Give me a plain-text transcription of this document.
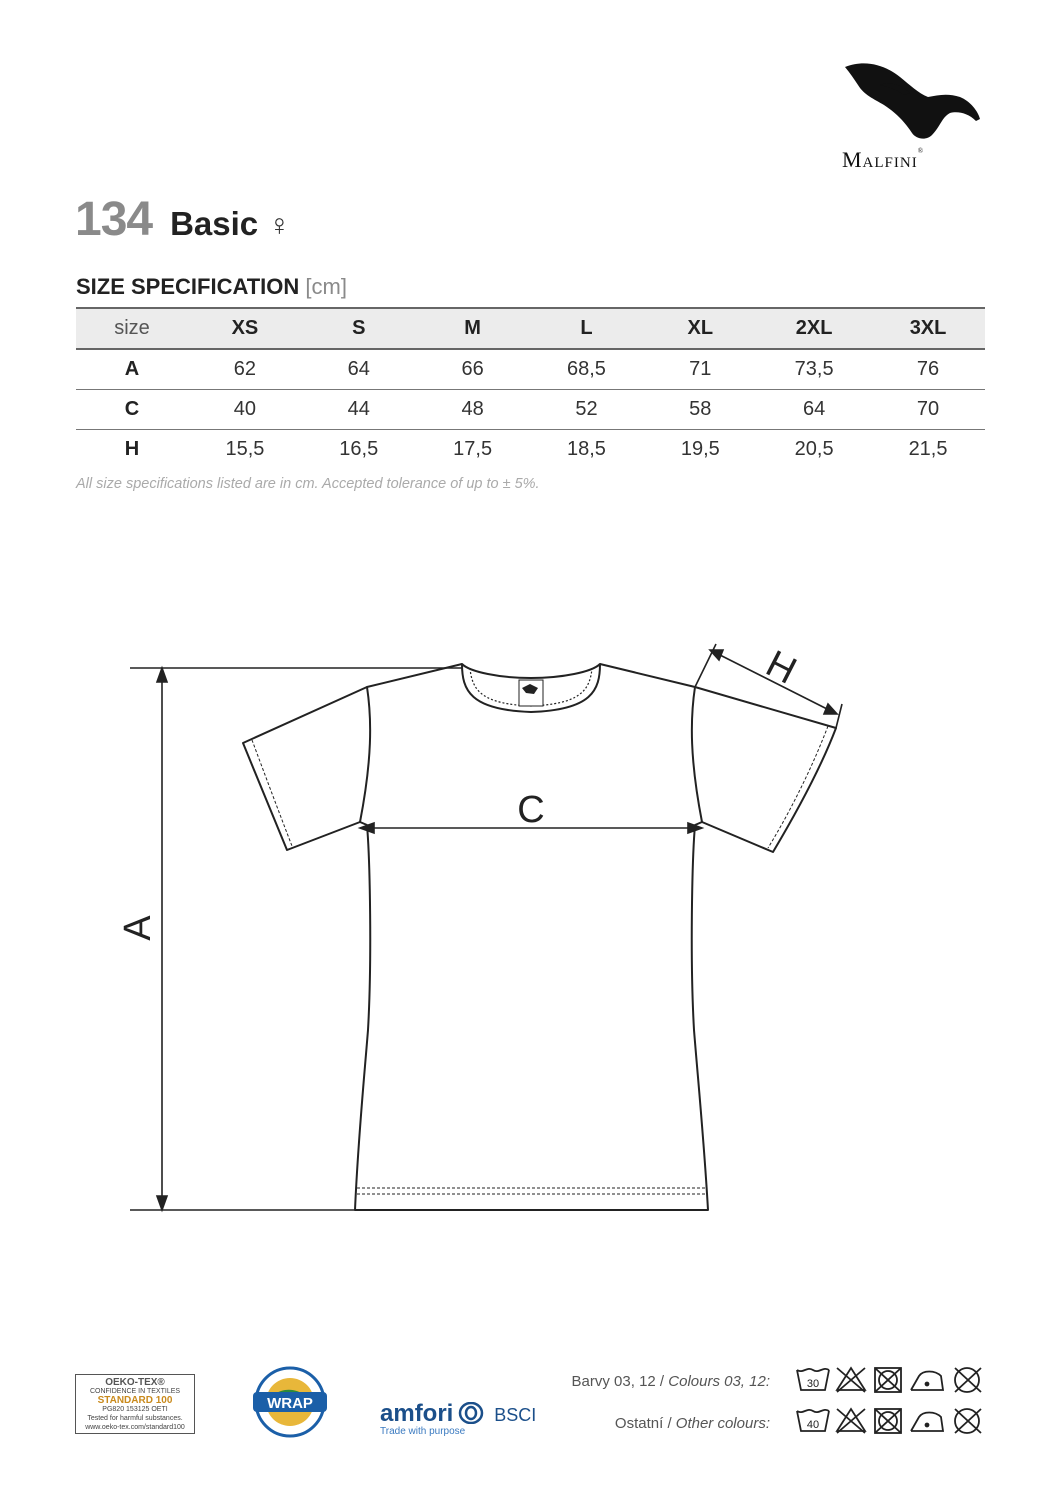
Malfini®
134 Basic ♀
SIZE SPECIFICATION [cm]
size	XS	S	M	L	XL	2XL	3XL
A	62	64	66	68,5	71	73,5	76
C	40	44	48	52	58	64	70
H	15,5	16,5	17,5	18,5	19,5	20,5	21,5
All size specifications listed are in cm. Accepted tolerance of up to ± 5%.
A
C
H
OEKO-TEX®
CONFIDENCE IN TEXTILES
STANDARD 100
PG820 153125 OETI
Tested for harmful substances.
www.oeko-tex.com/standard100
WRAP	amfori BSCI
Trade with purpose
Barvy 03, 12 / Colours 03, 12:
Ostatní / Other colours:
30
40
